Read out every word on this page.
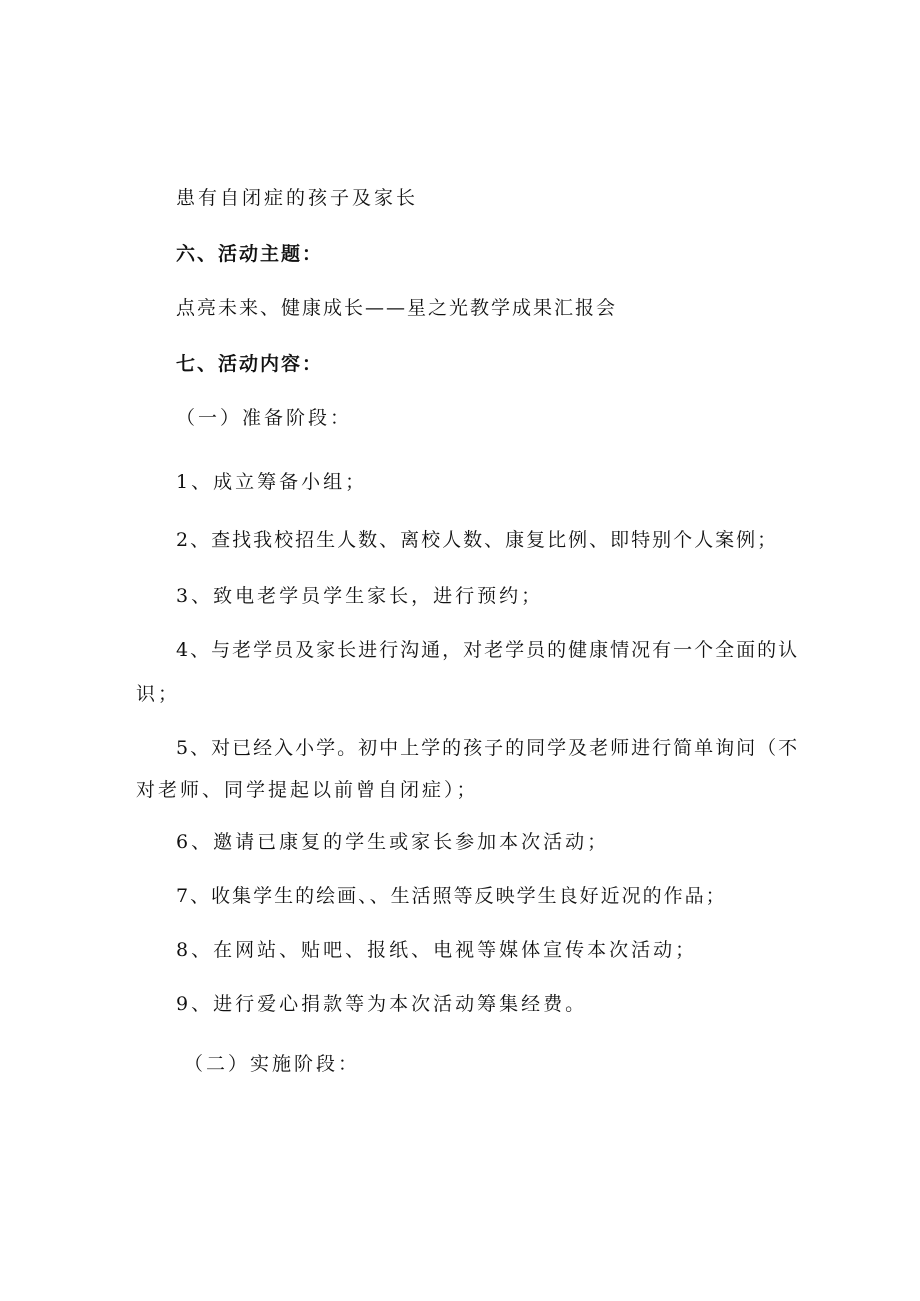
患有自闭症的孩子及家长
六、活动主题：
点亮未来、健康成长——星之光教学成果汇报会
七、活动内容：
（一）准备阶段：
1、成立筹备小组；
2、查找我校招生人数、离校人数、康复比例、即特别个人案例；
3、致电老学员学生家长，进行预约；
4、与老学员及家长进行沟通，对老学员的健康情况有一个全面的认
识；
5、对已经入小学。初中上学的孩子的同学及老师进行简单询问（不
对老师、同学提起以前曾自闭症）；
6、邀请已康复的学生或家长参加本次活动；
7、收集学生的绘画、、生活照等反映学生良好近况的作品；
8、在网站、贴吧、报纸、电视等媒体宣传本次活动；
9、进行爱心捐款等为本次活动筹集经费。
（二）实施阶段：
